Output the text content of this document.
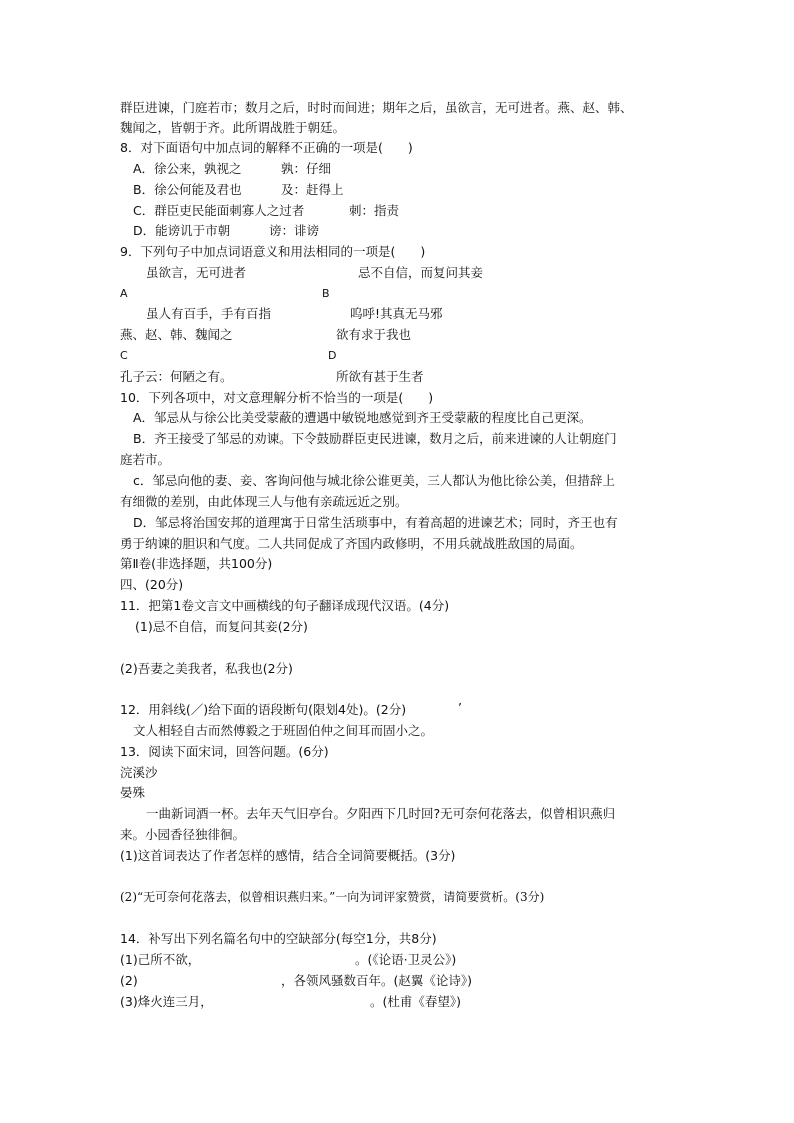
群臣进谏，门庭若市；数月之后，时时而间进；期年之后，虽欲言，无可进者。燕、赵、韩、
魏闻之，皆朝于齐。此所谓战胜于朝廷。
8．对下面语句中加点词的解释不正确的一项是(　　)
A．徐公来，孰视之	孰：仔细
B．徐公何能及君也	及：赶得上
C．群臣吏民能面刺寡人之过者	刺：指责
D．能谤讥于市朝	谤：诽谤
9．下列句子中加点词语意义和用法相同的一项是(　　)
虽欲言，无可进者	忌不自信，而复问其妾
A	B
虽人有百手，手有百指	呜呼!其真无马邪
燕、赵、韩、魏闻之	欲有求于我也
C	D
孔子云：何陋之有。	所欲有甚于生者
10．下列各项中，对文意理解分析不恰当的一项是(　　)
A．邹忌从与徐公比美受蒙蔽的遭遇中敏锐地感觉到齐王受蒙蔽的程度比自己更深。
B．齐王接受了邹忌的劝谏。下令鼓励群臣吏民进谏，数月之后，前来进谏的人让朝庭门
庭若市。
c．邹忌向他的妻、妾、客询问他与城北徐公谁更美，三人都认为他比徐公美，但措辞上
有细微的差别，由此体现三人与他有亲疏远近之别。
D．邹忌将治国安邦的道理寓于日常生活琐事中，有着高超的进谏艺术；同时，齐王也有
勇于纳谏的胆识和气度。二人共同促成了齐国内政修明，不用兵就战胜敌国的局面。
第Ⅱ卷(非选择题，共100分)
四、(20分)
11．把第1卷文言文中画横线的句子翻译成现代汉语。(4分)
(1)忌不自信，而复问其妾(2分)
(2)吾妻之美我者，私我也(2分)
12．用斜线(／)给下面的语段断句(限划4处)。(2分)	’
文人相轻自古而然傅毅之于班固伯仲之间耳而固小之。
13．阅读下面宋词，回答问题。(6分)
浣溪沙
晏殊
一曲新词酒一杯。去年天气旧亭台。夕阳西下几时回?无可奈何花落去，似曾相识燕归
来。小园香径独徘徊。
(1)这首词表达了作者怎样的感情，结合全词简要概括。(3分)
(2)“无可奈何花落去，似曾相识燕归来。”一向为词评家赞赏，请简要赏析。(3分)
14．补写出下列名篇名句中的空缺部分(每空1分，共8分)
(1)己所不欲，	。(《论语·卫灵公》)
(2)	，各领风骚数百年。(赵翼《论诗》)
(3)烽火连三月，	。(杜甫《春望》)
